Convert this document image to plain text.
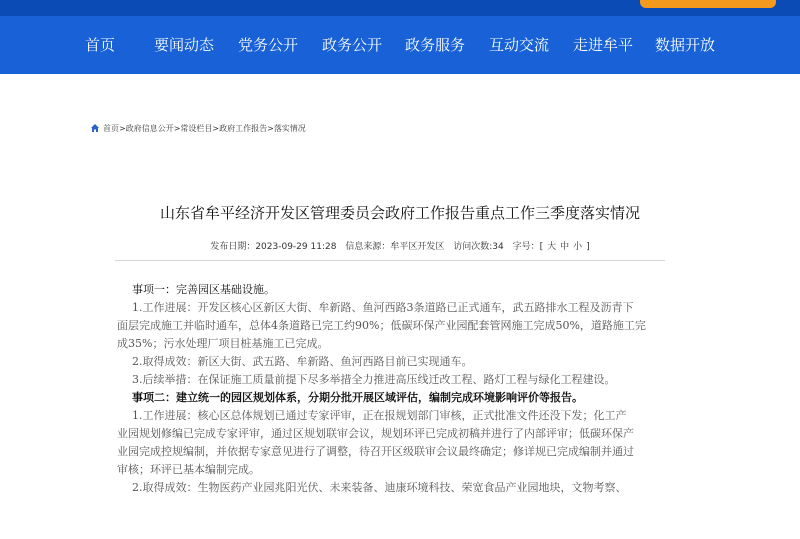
首页	要闻动态 党务公开 政务公开 政务服务 互动交流 走进牟平 数据开放
首页>政府信息公开>常设栏目>政府工作报告>落实情况
山东省牟平经济开发区管理委员会政府工作报告重点工作三季度落实情况
发布日期：2023-09-29 11:28 信息来源：牟平区开发区 访问次数:34 字号：[ 大 中 小 ]
事项一：完善园区基础设施。
1.工作进展：开发区核心区新区大街、牟新路、鱼河西路3条道路已正式通车，武五路排水工程及沥青下
面层完成施工并临时通车，总体4条道路已完工约90%；低碳环保产业园配套管网施工完成50%，道路施工完
成35%；污水处理厂项目桩基施工已完成。
2.取得成效：新区大街、武五路、牟新路、鱼河西路目前已实现通车。
3.后续举措：在保证施工质量前提下尽多举措全力推进高压线迁改工程、路灯工程与绿化工程建设。
事项二：建立统一的园区规划体系，分期分批开展区域评估，编制完成环境影响评价等报告。
1.工作进展：核心区总体规划已通过专家评审，正在报规划部门审核，正式批准文件还没下发；化工产
业园规划修编已完成专家评审，通过区规划联审会议，规划环评已完成初稿并进行了内部评审；低碳环保产
业园完成控规编制，并依据专家意见进行了调整，待召开区级联审会议最终确定；修详规已完成编制并通过
审核；环评已基本编制完成。
2.取得成效：生物医药产业园兆阳光伏、未来装备、迪康环境科技、荣宽食品产业园地块，文物考察、
